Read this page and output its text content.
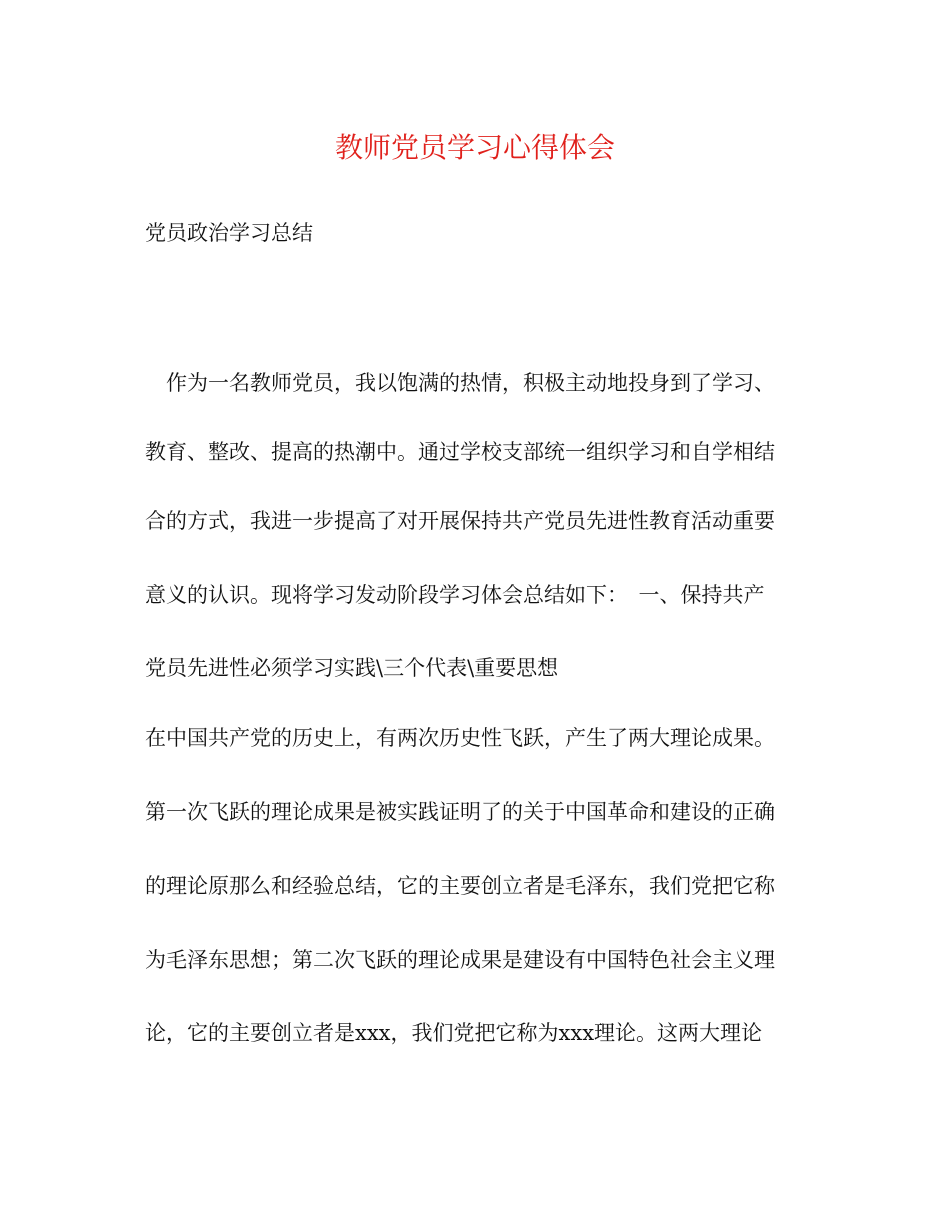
教师党员学习心得体会
党员政治学习总结
　作为一名教师党员，我以饱满的热情，积极主动地投身到了学习、
教育、整改、提高的热潮中。通过学校支部统一组织学习和自学相结
合的方式，我进一步提高了对开展保持共产党员先进性教育活动重要
意义的认识。现将学习发动阶段学习体会总结如下：　一、保持共产
党员先进性必须学习实践\三个代表\重要思想
在中国共产党的历史上，有两次历史性飞跃，产生了两大理论成果。
第一次飞跃的理论成果是被实践证明了的关于中国革命和建设的正确
的理论原那么和经验总结，它的主要创立者是毛泽东，我们党把它称
为毛泽东思想；第二次飞跃的理论成果是建设有中国特色社会主义理
论，它的主要创立者是xxx，我们党把它称为xxx理论。这两大理论
